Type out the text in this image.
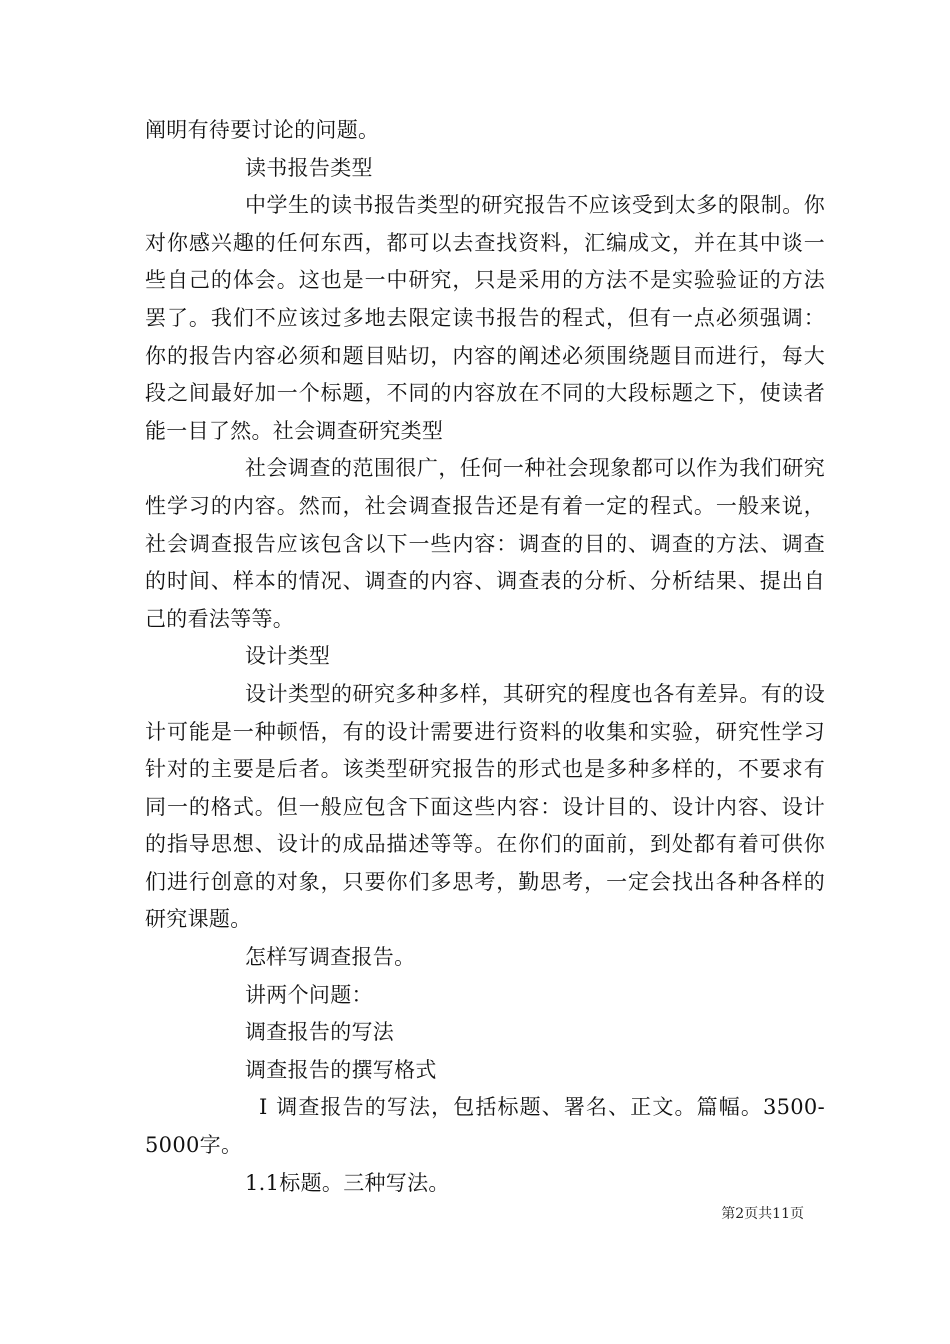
阐明有待要讨论的问题。

读书报告类型

中学生的读书报告类型的研究报告不应该受到太多的限制。你对你感兴趣的任何东西，都可以去查找资料，汇编成文，并在其中谈一些自己的体会。这也是一中研究，只是采用的方法不是实验验证的方法罢了。我们不应该过多地去限定读书报告的程式，但有一点必须强调：你的报告内容必须和题目贴切，内容的阐述必须围绕题目而进行，每大段之间最好加一个标题，不同的内容放在不同的大段标题之下，使读者能一目了然。社会调查研究类型

社会调查的范围很广，任何一种社会现象都可以作为我们研究性学习的内容。然而，社会调查报告还是有着一定的程式。一般来说，社会调查报告应该包含以下一些内容：调查的目的、调查的方法、调查的时间、样本的情况、调查的内容、调查表的分析、分析结果、提出自己的看法等等。

设计类型

设计类型的研究多种多样，其研究的程度也各有差异。有的设计可能是一种顿悟，有的设计需要进行资料的收集和实验，研究性学习针对的主要是后者。该类型研究报告的形式也是多种多样的，不要求有同一的格式。但一般应包含下面这些内容：设计目的、设计内容、设计的指导思想、设计的成品描述等等。在你们的面前，到处都有着可供你们进行创意的对象，只要你们多思考，勤思考，一定会找出各种各样的研究课题。

怎样写调查报告。

讲两个问题：

调查报告的写法

调查报告的撰写格式

Ⅰ 调查报告的写法，包括标题、署名、正文。篇幅。3500-5000字。

1.1标题。三种写法。

第2页共11页
